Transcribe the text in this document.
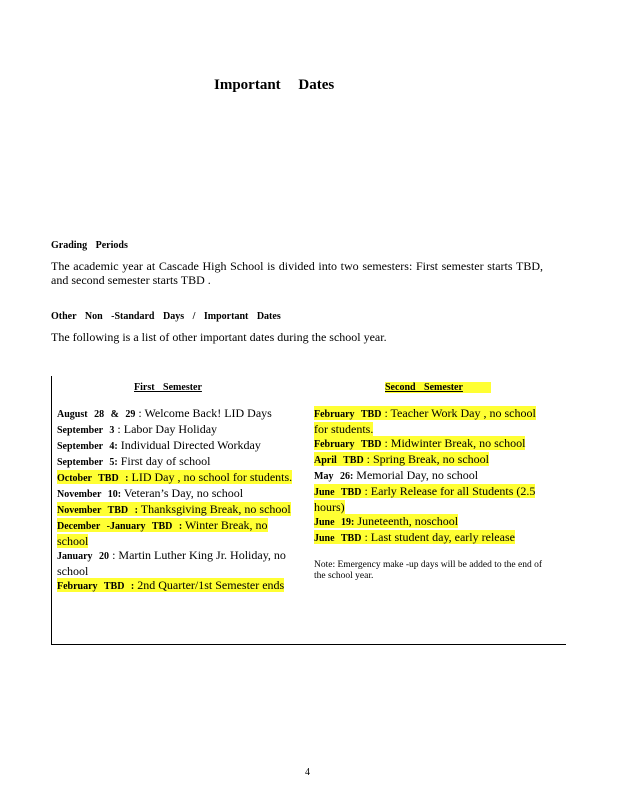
Important Dates
Grading Periods
The academic year at Cascade High School is divided into two semesters: First semester starts TBD, and second semester starts TBD .
Other Non -Standard Days / Important Dates
The following is a list of other important dates during the school year.
First Semester
August 28 & 29 : Welcome Back! LID Days
September 3 : Labor Day Holiday
September 4: Individual Directed Workday
September 5: First day of school
October TBD : LID Day , no school for students.
November 10: Veteran’s Day, no school
November TBD : Thanksgiving Break, no school
December -January TBD : Winter Break, no school
January 20 : Martin Luther King Jr. Holiday, no school
February TBD : 2nd Quarter/1st Semester ends
Second Semester
February TBD : Teacher Work Day , no school for students.
February TBD : Midwinter Break, no school
April TBD : Spring Break, no school
May 26: Memorial Day, no school
June TBD : Early Release for all Students (2.5 hours)
June 19: Juneteenth, noschool
June TBD : Last student day, early release
Note: Emergency make -up days will be added to the end of the school year.
4
